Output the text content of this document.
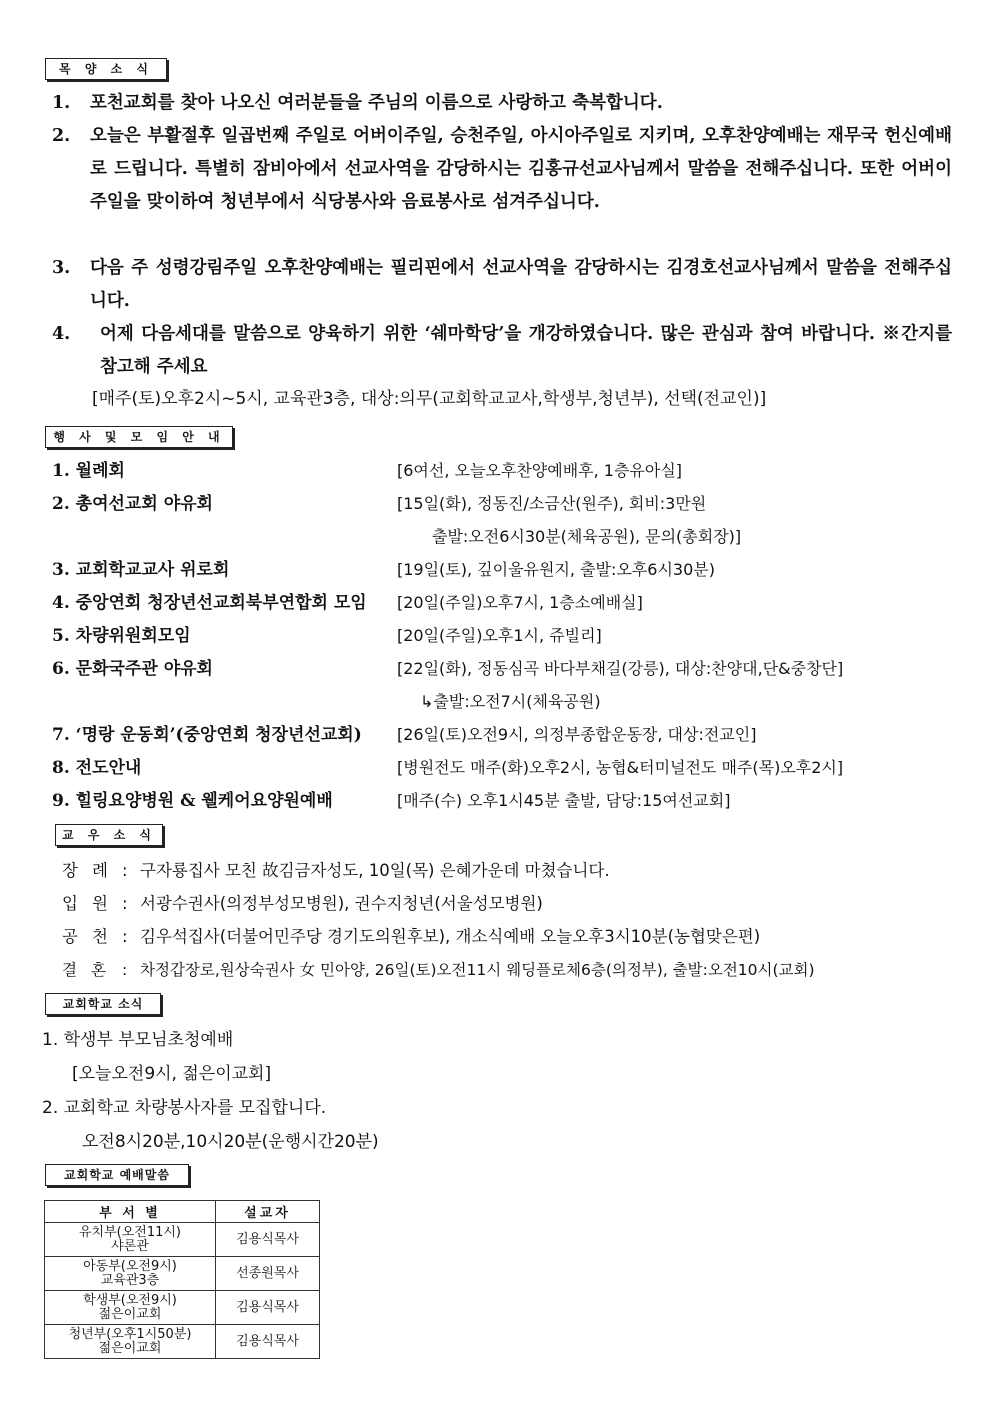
목 양 소 식
1. 포천교회를 찾아 나오신 여러분들을 주님의 이름으로 사랑하고 축복합니다.
2. 오늘은 부활절후 일곱번째 주일로 어버이주일, 승천주일, 아시아주일로 지키며, 오후찬양예배는 재무국 헌신예배로 드립니다. 특별히 잠비아에서 선교사역을 감당하시는 김홍규선교사님께서 말씀을 전해주십니다. 또한 어버이 주일을 맞이하여 청년부에서 식당봉사와 음료봉사로 섬겨주십니다.
3. 다음 주 성령강림주일 오후찬양예배는 필리핀에서 선교사역을 감당하시는 김경호선교사님께서 말씀을 전해주십니다.
4. 어제 다음세대를 말씀으로 양육하기 위한 ‘쉐마학당’을 개강하였습니다. 많은 관심과 참여 바랍니다. ※간지를 참고해 주세요
[매주(토)오후2시~5시, 교육관3층, 대상:의무(교회학교교사,학생부,청년부), 선택(전교인)]
행 사 및 모 임 안 내
1. 월례회	[6여선, 오늘오후찬양예배후, 1층유아실]
2. 총여선교회 야유회	[15일(화), 정동진/소금산(원주), 회비:3만원
출발:오전6시30분(체육공원), 문의(총회장)]
3. 교회학교교사 위로회	[19일(토), 깊이울유원지, 출발:오후6시30분)
4. 중앙연회 청장년선교회북부연합회 모임 [20일(주일)오후7시, 1층소예배실]
5. 차량위원회모임	[20일(주일)오후1시, 쥬빌리]
6. 문화국주관 야유회	[22일(화), 정동심곡 바다부채길(강릉), 대상:찬양대,단&중창단]
↳출발:오전7시(체육공원)
7. ‘명랑 운동회’(중앙연회 청장년선교회) [26일(토)오전9시, 의정부종합운동장, 대상:전교인]
8. 전도안내	[병원전도 매주(화)오후2시, 농협&터미널전도 매주(목)오후2시]
9. 힐링요양병원 & 웰케어요양원예배	[매주(수) 오후1시45분 출발, 담당:15여선교회]
교 우 소 식
장례: 구자룡집사 모친 故김금자성도, 10일(목) 은혜가운데 마쳤습니다.
입원: 서광수권사(의정부성모병원), 권수지청년(서울성모병원)
공천: 김우석집사(더불어민주당 경기도의원후보), 개소식예배 오늘오후3시10분(농협맞은편)
결혼 : 차정갑장로,원상숙권사 女 민아양, 26일(토)오전11시 웨딩플로체6층(의정부), 출발:오전10시(교회)
교회학교 소식
1. 학생부 부모님초청예배
[오늘오전9시, 젊은이교회]
2. 교회학교 차량봉사자를 모집합니다.
오전8시20분,10시20분(운행시간20분)
교회학교 예배말씀
부 서 별	설교자

유치부(오전11시)
샤론관	김용식목사

아동부(오전9시)
교육관3층	선종원목사

학생부(오전9시)
젊은이교회	김용식목사

청년부(오후1시50분)
젊은이교회	김용식목사
